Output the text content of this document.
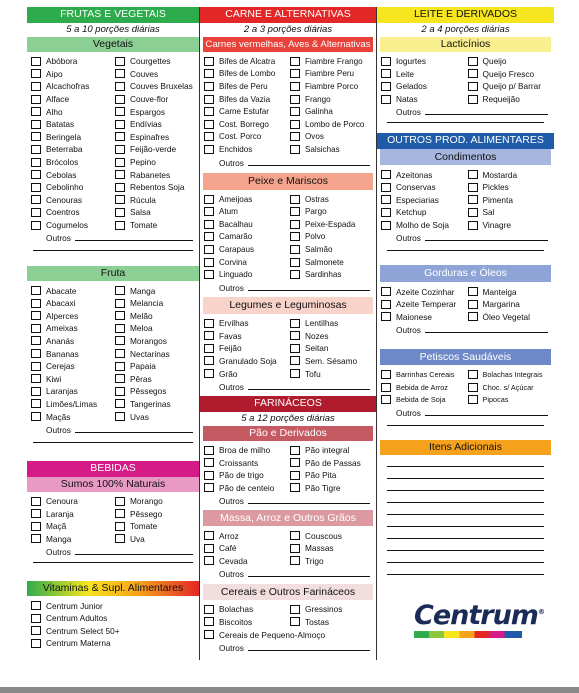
FRUTAS E VEGETAIS
5 a 10 porções diárias
Vegetais
Abóbora	Courgettes
Aipo	Couves
Alcachofras	Couves Bruxelas
Alface	Couve-flor
Alho	Espargos
Batatas	Endívias
Beringela	Espinafres
Beterraba	Feijão-verde
Brócolos	Pepino
Cebolas	Rabanetes
Cebolinho	Rebentos Soja
Cenouras	Rúcula
Coentros	Salsa
Cogumelos	Tomate
Outros
Fruta
Abacate	Manga
Abacaxi	Melancia
Alperces	Melão
Ameixas	Meloa
Ananás	Morangos
Bananas	Nectarinas
Cerejas	Papaia
Kiwi	Pêras
Laranjas	Pêssegos
Limões/Limas	Tangerinas
Maçãs	Uvas
Outros
BEBIDAS
Sumos 100% Naturais
Cenoura	Morango
Laranja	Pêssego
Maçã	Tomate
Manga	Uva
Outros
Vitaminas & Supl. Alimentares
Centrum Junior
Centrum Adultos
Centrum Select 50+
Centrum Materna
CARNE E ALTERNATIVAS
2 a 3 porções diárias
Carnes vermelhas, Aves & Alternativas
Bifes de Alcatra	Fiambre Frango
Bifes de Lombo	Fiambre Peru
Bifes de Peru	Fiambre Porco
Bifes da Vazia	Frango
Carne Estufar	Galinha
Cost. Borrego	Lombo de Porco
Cost. Porco	Ovos
Enchidos	Salsichas
Outros
Peixe e Mariscos
Ameijoas	Ostras
Atum	Pargo
Bacalhau	Peixe-Espada
Camarão	Polvo
Carapaus	Salmão
Corvina	Salmonete
Linguado	Sardinhas
Outros
Legumes e Leguminosas
Ervilhas	Lentilhas
Favas	Nozes
Feijão	Seitan
Granulado Soja	Sem. Sésamo
Grão	Tofu
Outros
FARINÁCEOS
5 a 12 porções diárias
Pão e Derivados
Broa de milho	Pão integral
Croissants	Pão de Passas
Pão de trigo	Pão Pita
Pão de centeio	Pão Tigre
Outros
Massa, Arroz e Outros Grãos
Arroz	Couscous
Café	Massas
Cevada	Trigo
Outros
Cereais e Outros Farináceos
Bolachas	Gressinos
Biscoitos	Tostas
Cereais de Pequeno-Almoço
Outros
LEITE E DERIVADOS
2 a 4 porções diárias
Lacticínios
Iogurtes	Queijo
Leite	Queijo Fresco
Gelados	Queijo p/ Barrar
Natas	Requeijão
Outros
OUTROS PROD. ALIMENTARES
Condimentos
Azeitonas	Mostarda
Conservas	Pickles
Especiarias	Pimenta
Ketchup	Sal
Molho de Soja	Vinagre
Outros
Gorduras e Óleos
Azeite Cozinhar	Manteiga
Azeite Temperar	Margarina
Maionese	Óleo Vegetal
Outros
Petiscos Saudáveis
Barrinhas Cereais	Bolachas Integrais
Bebida de Arroz	Choc. s/ Açúcar
Bebida de Soja	Pipocas
Outros
Itens Adicionais
Centrum®
